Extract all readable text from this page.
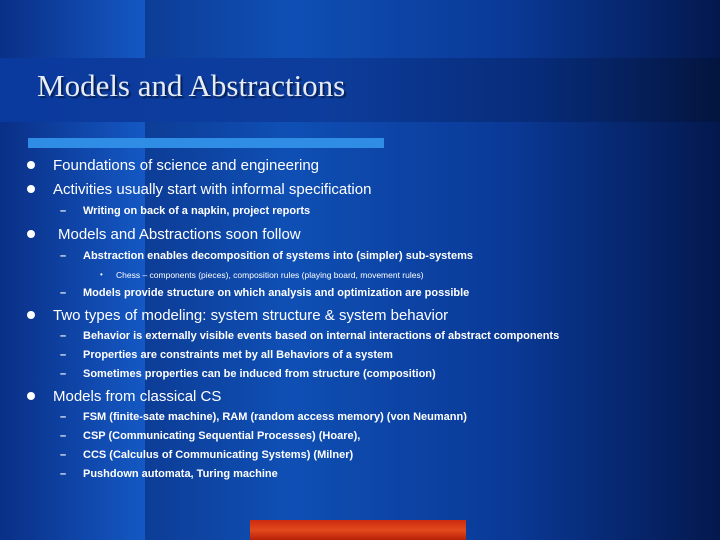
Models and Abstractions
Foundations of science and engineering
Activities usually start with informal specification
– Writing on back of a napkin, project reports
Models and Abstractions soon follow
– Abstraction enables decomposition of systems into (simpler) sub-systems
• Chess – components (pieces), composition rules (playing board, movement rules)
– Models provide structure on which analysis and optimization are possible
Two types of modeling: system structure & system behavior
– Behavior is externally visible events based on internal interactions of abstract components
– Properties are constraints met by all Behaviors of a system
– Sometimes properties can be induced from structure (composition)
Models from classical CS
– FSM (finite-sate machine), RAM (random access memory) (von Neumann)
– CSP (Communicating Sequential Processes) (Hoare),
– CCS (Calculus of Communicating Systems) (Milner)
– Pushdown automata, Turing machine
